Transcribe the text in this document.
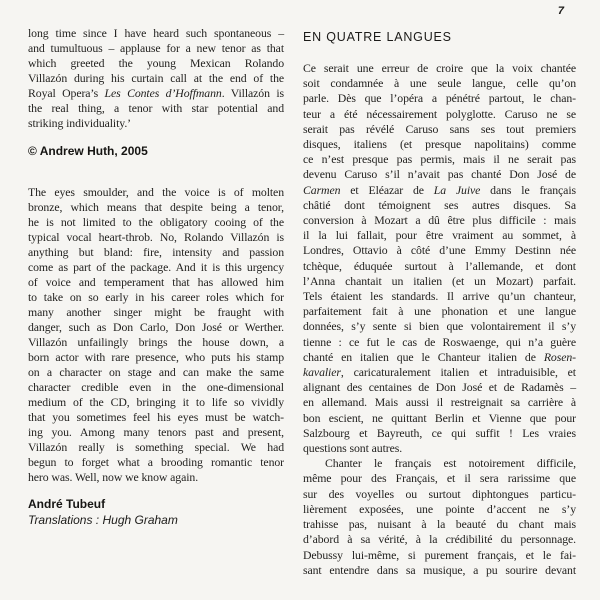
7
long time since I have heard such spontaneous –
and tumultuous – applause for a new tenor as that
which greeted the young Mexican Rolando
Villazón during his curtain call at the end of the
Royal Opera’s Les Contes d’Hoffmann. Villazón is
the real thing, a tenor with star potential and
striking individuality.’
© Andrew Huth, 2005
The eyes smoulder, and the voice is of molten
bronze, which means that despite being a tenor,
he is not limited to the obligatory cooing of the
typical vocal heart-throb. No, Rolando Villazón is
anything but bland: fire, intensity and passion
come as part of the package. And it is this urgency
of voice and temperament that has allowed him
to take on so early in his career roles which for
many another singer might be fraught with
danger, such as Don Carlo, Don José or Werther.
Villazón unfailingly brings the house down, a
born actor with rare presence, who puts his stamp
on a character on stage and can make the same
character credible even in the one-dimensional
medium of the CD, bringing it to life so vividly
that you sometimes feel his eyes must be watch-
ing you. Among many tenors past and present,
Villazón really is something special. We had
begun to forget what a brooding romantic tenor
hero was. Well, now we know again.
André Tubeuf
Translations : Hugh Graham
EN QUATRE LANGUES
Ce serait une erreur de croire que la voix chantée
soit condamnée à une seule langue, celle qu’on
parle. Dès que l’opéra a pénétré partout, le chan-
teur a été nécessairement polyglotte. Caruso ne se
serait pas révélé Caruso sans ses tout premiers
disques, italiens (et presque napolitains) comme
ce n’est presque pas permis, mais il ne serait pas
devenu Caruso s’il n’avait pas chanté Don José de
Carmen et Eléazar de La Juive dans le français
châtié dont témoignent ses autres disques. Sa
conversion à Mozart a dû être plus difficile : mais
il la lui fallait, pour être vraiment au sommet, à
Londres, Ottavio à côté d’une Emmy Destinn née
tchèque, éduquée surtout à l’allemande, et dont
l’Anna chantait un italien (et un Mozart) parfait.
Tels étaient les standards. Il arrive qu’un chanteur,
parfaitement fait à une phonation et une langue
données, s’y sente si bien que volontairement il s’y
tienne : ce fut le cas de Roswaenge, qui n’a guère
chanté en italien que le Chanteur italien de Rosen-
kavalier, caricaturalement italien et intraduisible, et
alignant des centaines de Don José et de Radamès –
en allemand. Mais aussi il restreignait sa carrière à
bon escient, ne quittant Berlin et Vienne que pour
Salzbourg et Bayreuth, ce qui suffit ! Les vraies
questions sont autres.
Chanter le français est notoirement difficile,
même pour des Français, et il sera rarissime que
sur des voyelles ou surtout diphtongues particu-
lièrement exposées, une pointe d’accent ne s’y
trahisse pas, nuisant à la beauté du chant mais
d’abord à sa vérité, à la crédibilité du personnage.
Debussy lui-même, si purement français, et le fai-
sant entendre dans sa musique, a pu sourire devant
